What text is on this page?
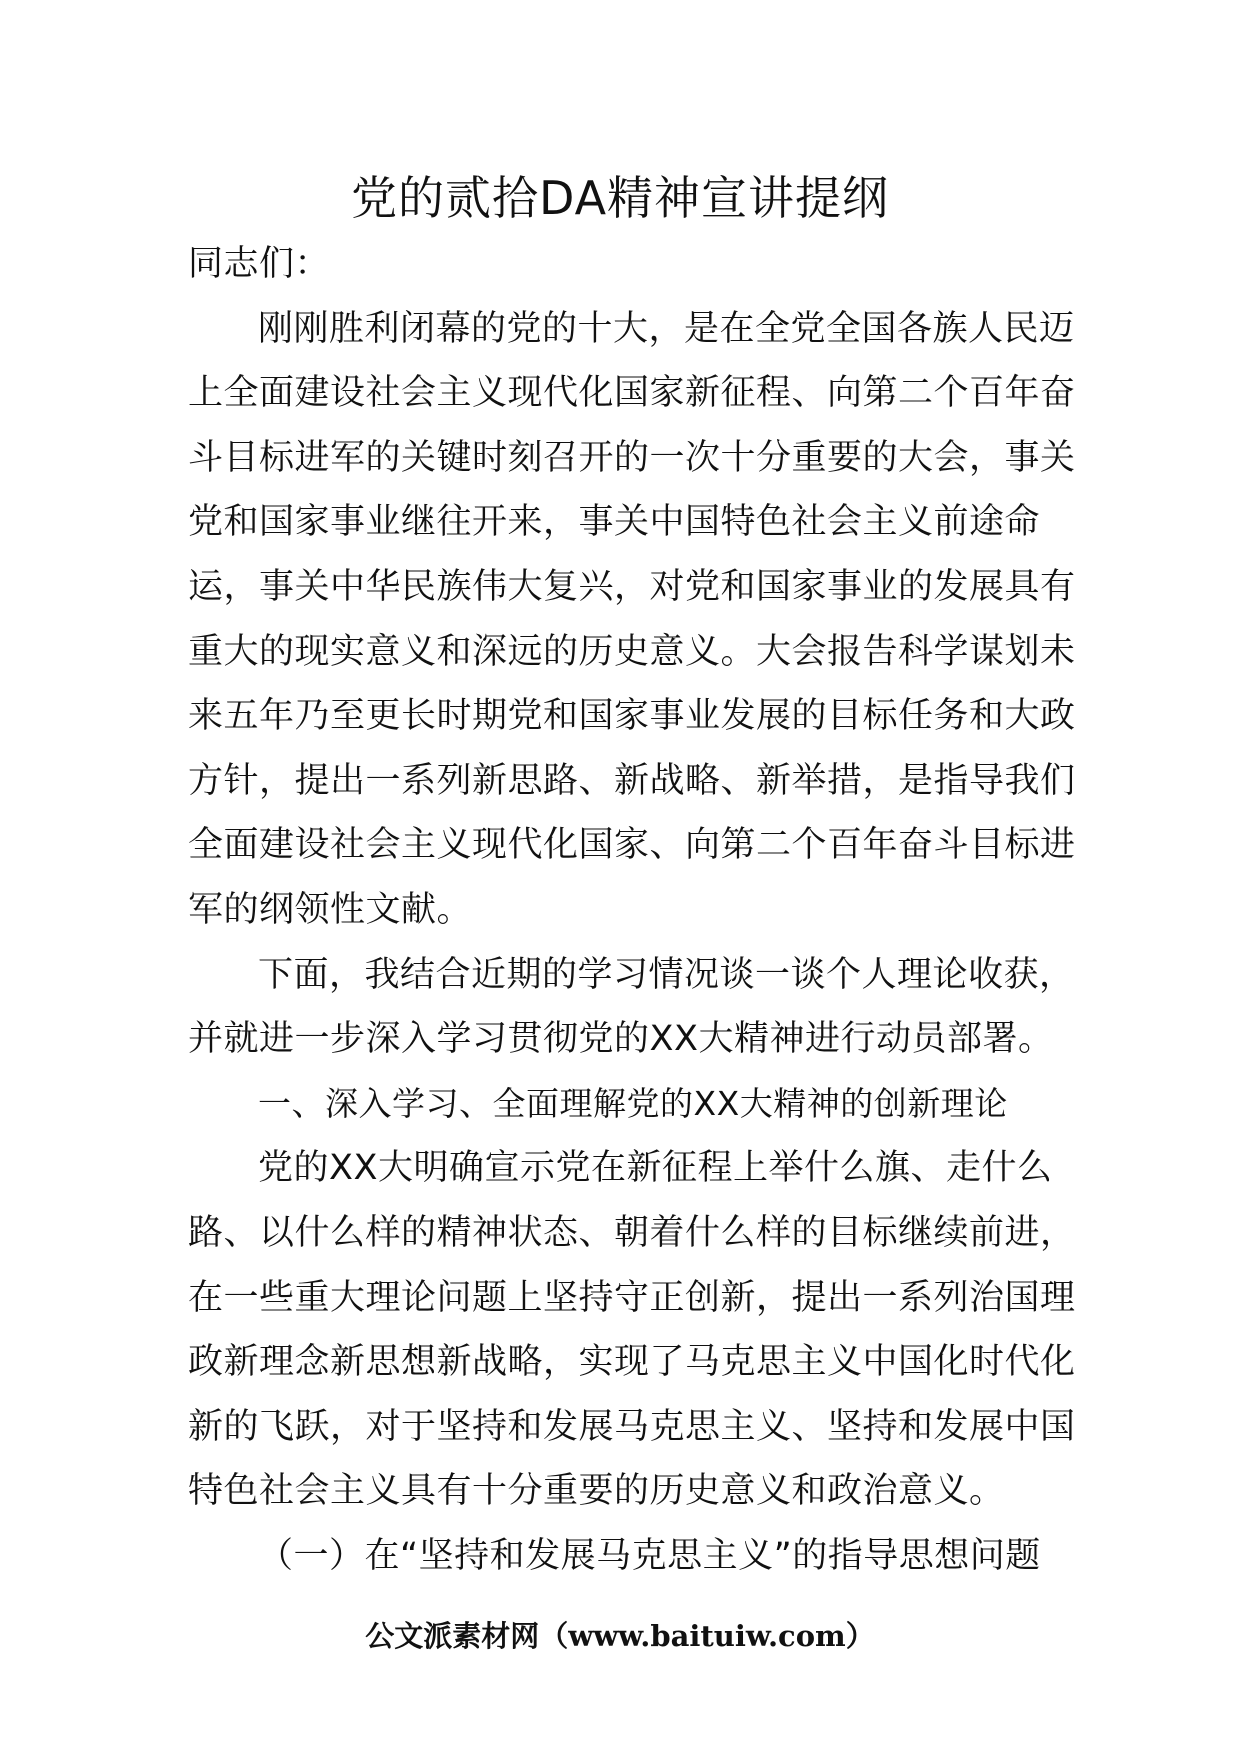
党的贰拾DA精神宣讲提纲
同志们：
刚刚胜利闭幕的党的十大，是在全党全国各族人民迈
上全面建设社会主义现代化国家新征程、向第二个百年奋
斗目标进军的关键时刻召开的一次十分重要的大会，事关
党和国家事业继往开来，事关中国特色社会主义前途命
运，事关中华民族伟大复兴，对党和国家事业的发展具有
重大的现实意义和深远的历史意义。大会报告科学谋划未
来五年乃至更长时期党和国家事业发展的目标任务和大政
方针，提出一系列新思路、新战略、新举措，是指导我们
全面建设社会主义现代化国家、向第二个百年奋斗目标进
军的纲领性文献。
下面，我结合近期的学习情况谈一谈个人理论收获，
并就进一步深入学习贯彻党的XX大精神进行动员部署。
一、深入学习、全面理解党的XX大精神的创新理论
党的XX大明确宣示党在新征程上举什么旗、走什么
路、以什么样的精神状态、朝着什么样的目标继续前进，
在一些重大理论问题上坚持守正创新，提出一系列治国理
政新理念新思想新战略，实现了马克思主义中国化时代化
新的飞跃，对于坚持和发展马克思主义、坚持和发展中国
特色社会主义具有十分重要的历史意义和政治意义。
（一）在“坚持和发展马克思主义”的指导思想问题
公文派素材网（www.baituiw.com）
